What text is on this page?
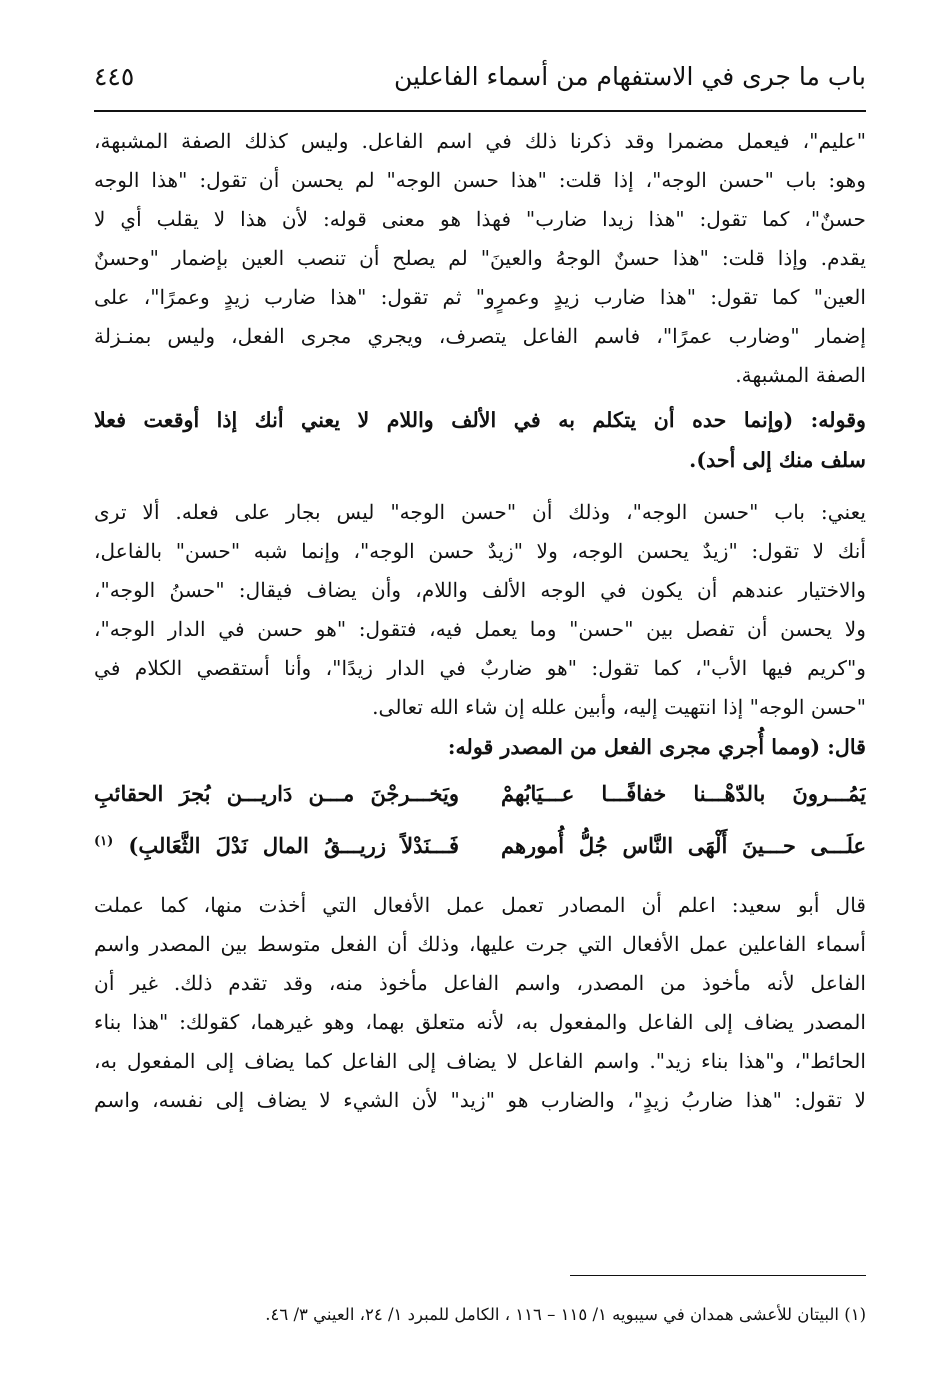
باب ما جرى في الاستفهام من أسماء الفاعلين
٤٤٥
"عليم"، فيعمل مضمرا وقد ذكرنا ذلك في اسم الفاعل. وليس كذلك الصفة المشبهة،
وهو: باب "حسن الوجه"، إذا قلت: "هذا حسن الوجه" لم يحسن أن تقول: "هذا الوجه
حسنٌ"، كما تقول: "هذا زيدا ضارب" فهذا هو معنى قوله: لأن هذا لا يقلب أي لا
يقدم. وإذا قلت: "هذا حسنٌ الوجهُ والعينَ" لم يصلح أن تنصب العين بإضمار "وحسنٌ
العين" كما تقول: "هذا ضارب زيدٍ وعمرٍو" ثم تقول: "هذا ضارب زيدٍ وعمرًا"، على
إضمار "وضارب عمرًا"، فاسم الفاعل يتصرف، ويجري مجرى الفعل، وليس بمنـزلة
الصفة المشبهة.
وقوله: (وإنما حده أن يتكلم به في الألف واللام لا يعني أنك إذا أوقعت فعلا
سلف منك إلى أحد).
يعني: باب "حسن الوجه"، وذلك أن "حسن الوجه" ليس بجار على فعله. ألا ترى
أنك لا تقول: "زيدٌ يحسن الوجه، ولا "زيدٌ حسن الوجه"، وإنما شبه "حسن" بالفاعل،
والاختيار عندهم أن يكون في الوجه الألف واللام، وأن يضاف فيقال: "حسنُ الوجه"،
ولا يحسن أن تفصل بين "حسن" وما يعمل فيه، فتقول: "هو حسن في الدار الوجه"،
و"كريم فيها الأب"، كما تقول: "هو ضاربٌ في الدار زيدًا"، وأنا أستقصي الكلام في
"حسن الوجه" إذا انتهيت إليه، وأبين علله إن شاء الله تعالى.
قال: (ومما أُجري مجرى الفعل من المصدر قوله:
يَمُـــرونَ بالدّهْـــنا خفافًـــا عـــيَابُهمْ
ويَخـــرجْنَ مـــن دَاريـــن بُجرَ الحقائبِ
علَـــى حـــينَ أَلْهَى النَّاس جُلُّ أُمورهم
فَـــنَدْلاً زريـــقُ المال نَدْلَ الثَّعَالبِ) $^{(١)}$
قال أبو سعيد: اعلم أن المصادر تعمل عمل الأفعال التي أخذت منها، كما عملت
أسماء الفاعلين عمل الأفعال التي جرت عليها، وذلك أن الفعل متوسط بين المصدر واسم
الفاعل لأنه مأخوذ من المصدر، واسم الفاعل مأخوذ منه، وقد تقدم ذلك. غير أن
المصدر يضاف إلى الفاعل والمفعول به، لأنه متعلق بهما، وهو غيرهما، كقولك: "هذا بناء
الحائط"، و"هذا بناء زيد". واسم الفاعل لا يضاف إلى الفاعل كما يضاف إلى المفعول به،
لا تقول: "هذا ضاربُ زيدٍ"، والضارب هو "زيد" لأن الشيء لا يضاف إلى نفسه، واسم
(١) البيتان للأعشى همدان في سيبويه ١/ ١١٥ – ١١٦ ، الكامل للمبرد ١/ ٢٤، العيني ٣/ ٤٦.
